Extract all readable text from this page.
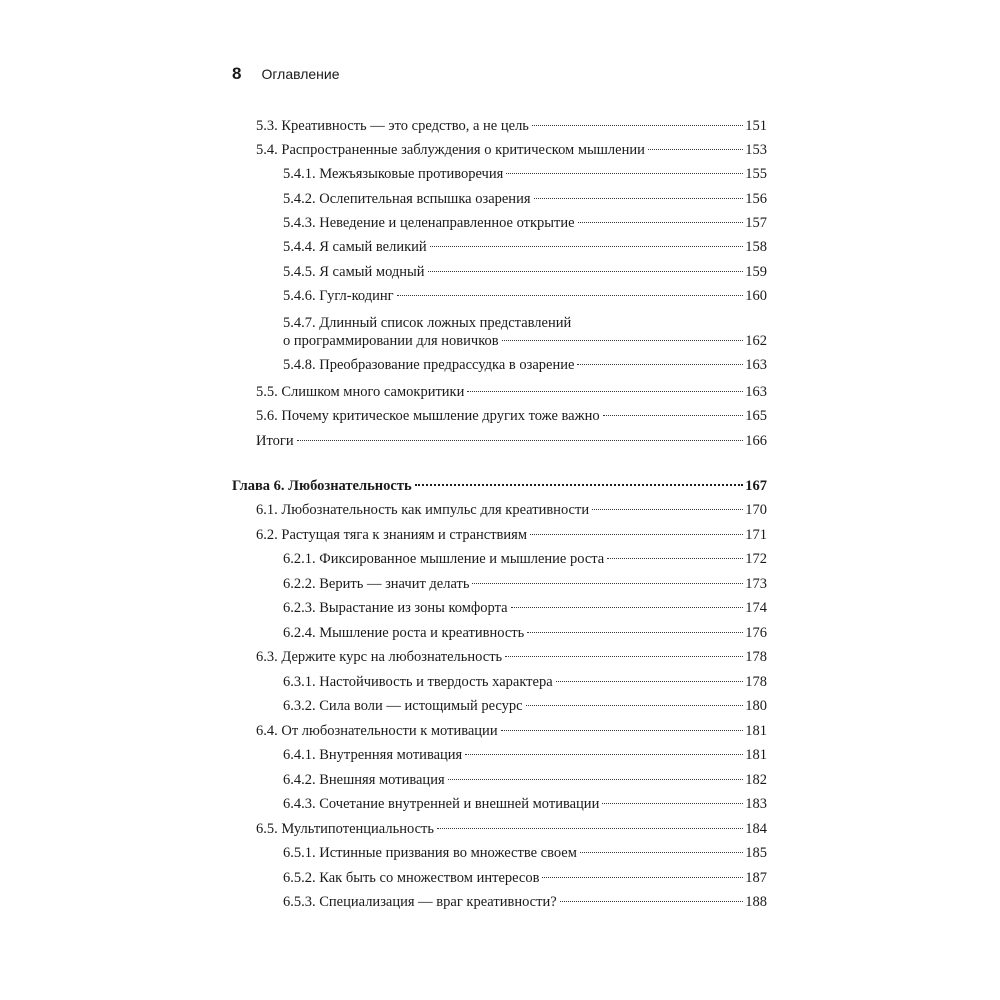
8 Оглавление
5.3. Креативность — это средство, а не цель	151
5.4. Распространенные заблуждения о критическом мышлении	153
5.4.1. Межъязыковые противоречия	155
5.4.2. Ослепительная вспышка озарения	156
5.4.3. Неведение и целенаправленное открытие	157
5.4.4. Я самый великий	158
5.4.5. Я самый модный	159
5.4.6. Гугл-кодинг	160
5.4.7. Длинный список ложных представлений
о программировании для новичков	162
5.4.8. Преобразование предрассудка в озарение	163
5.5. Слишком много самокритики	163
5.6. Почему критическое мышление других тоже важно	165
Итоги	166
Глава 6. Любознательность	167
6.1. Любознательность как импульс для креативности	170
6.2. Растущая тяга к знаниям и странствиям	171
6.2.1. Фиксированное мышление и мышление роста	172
6.2.2. Верить — значит делать	173
6.2.3. Вырастание из зоны комфорта	174
6.2.4. Мышление роста и креативность	176
6.3. Держите курс на любознательность	178
6.3.1. Настойчивость и твердость характера	178
6.3.2. Сила воли — истощимый ресурс	180
6.4. От любознательности к мотивации	181
6.4.1. Внутренняя мотивация	181
6.4.2. Внешняя мотивация	182
6.4.3. Сочетание внутренней и внешней мотивации	183
6.5. Мультипотенциальность	184
6.5.1. Истинные призвания во множестве своем	185
6.5.2. Как быть со множеством интересов	187
6.5.3. Специализация — враг креативности?	188
